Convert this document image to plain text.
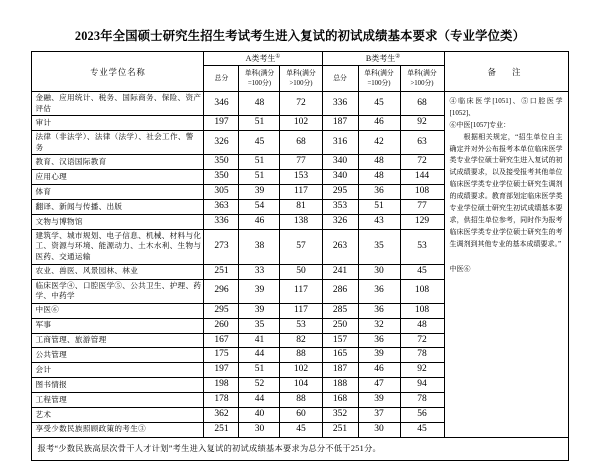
2023年全国硕士研究生招生考试考生进入复试的初试成绩基本要求（专业学位类）
专业学位名称	A类考生①			B类考生②			备　注
	总分	单科(满分=100分)	单科(满分>100分)	总分	单科(满分=100分)	单科(满分>100分)	
金融、应用统计、税务、国际商务、保险、资产评估	346	48	72	336	45	68	④临床医学[1051]、⑤口腔医学[1052]、
⑥中医[1057]专业：
根据相关规定，“招生单位自主确定并对外公布报考本单位临床医学类专业学位硕士研究生进入复试的初试成绩要求，以及接受报考其他单位临床医学类专业学位硕士研究生调剂的成绩要求。教育部划定临床医学类专业学位硕士研究生初试成绩基本要求，供招生单位参考，同时作为报考临床医学类专业学位硕士研究生的考生调剂到其他专业的基本成绩要求。”
中医⑥

审计	197	51	102	187	46	92	
法律（非法学）、法律（法学）、社会工作、警务	326	45	68	316	42	63	
教育、汉语国际教育	350	51	77	340	48	72	
应用心理	350	51	153	340	48	144	
体育	305	39	117	295	36	108	
翻译、新闻与传播、出版	363	54	81	353	51	77	
文物与博物馆	336	46	138	326	43	129	
建筑学、城市规划、电子信息、机械、材料与化工、资源与环境、能源动力、土木水利、生物与医药、交通运输	273	38	57	263	35	53	
农业、兽医、风景园林、林业	251	33	50	241	30	45	
临床医学④、口腔医学⑤、公共卫生、护理、药学、中药学	296	39	117	286	36	108	
中医⑥	295	39	117	285	36	108	
军事	260	35	53	250	32	48	
工商管理、旅游管理	167	41	82	157	36	72	
公共管理	175	44	88	165	39	78	
会计	197	51	102	187	46	92	
图书情报	198	52	104	188	47	94	
工程管理	178	44	88	168	39	78	
艺术	362	40	60	352	37	56	
享受少数民族照顾政策的考生③	251	30	45	251	30	45	
报考“少数民族高层次骨干人才计划”考生进入复试的初试成绩基本要求为总分不低于251分。							
